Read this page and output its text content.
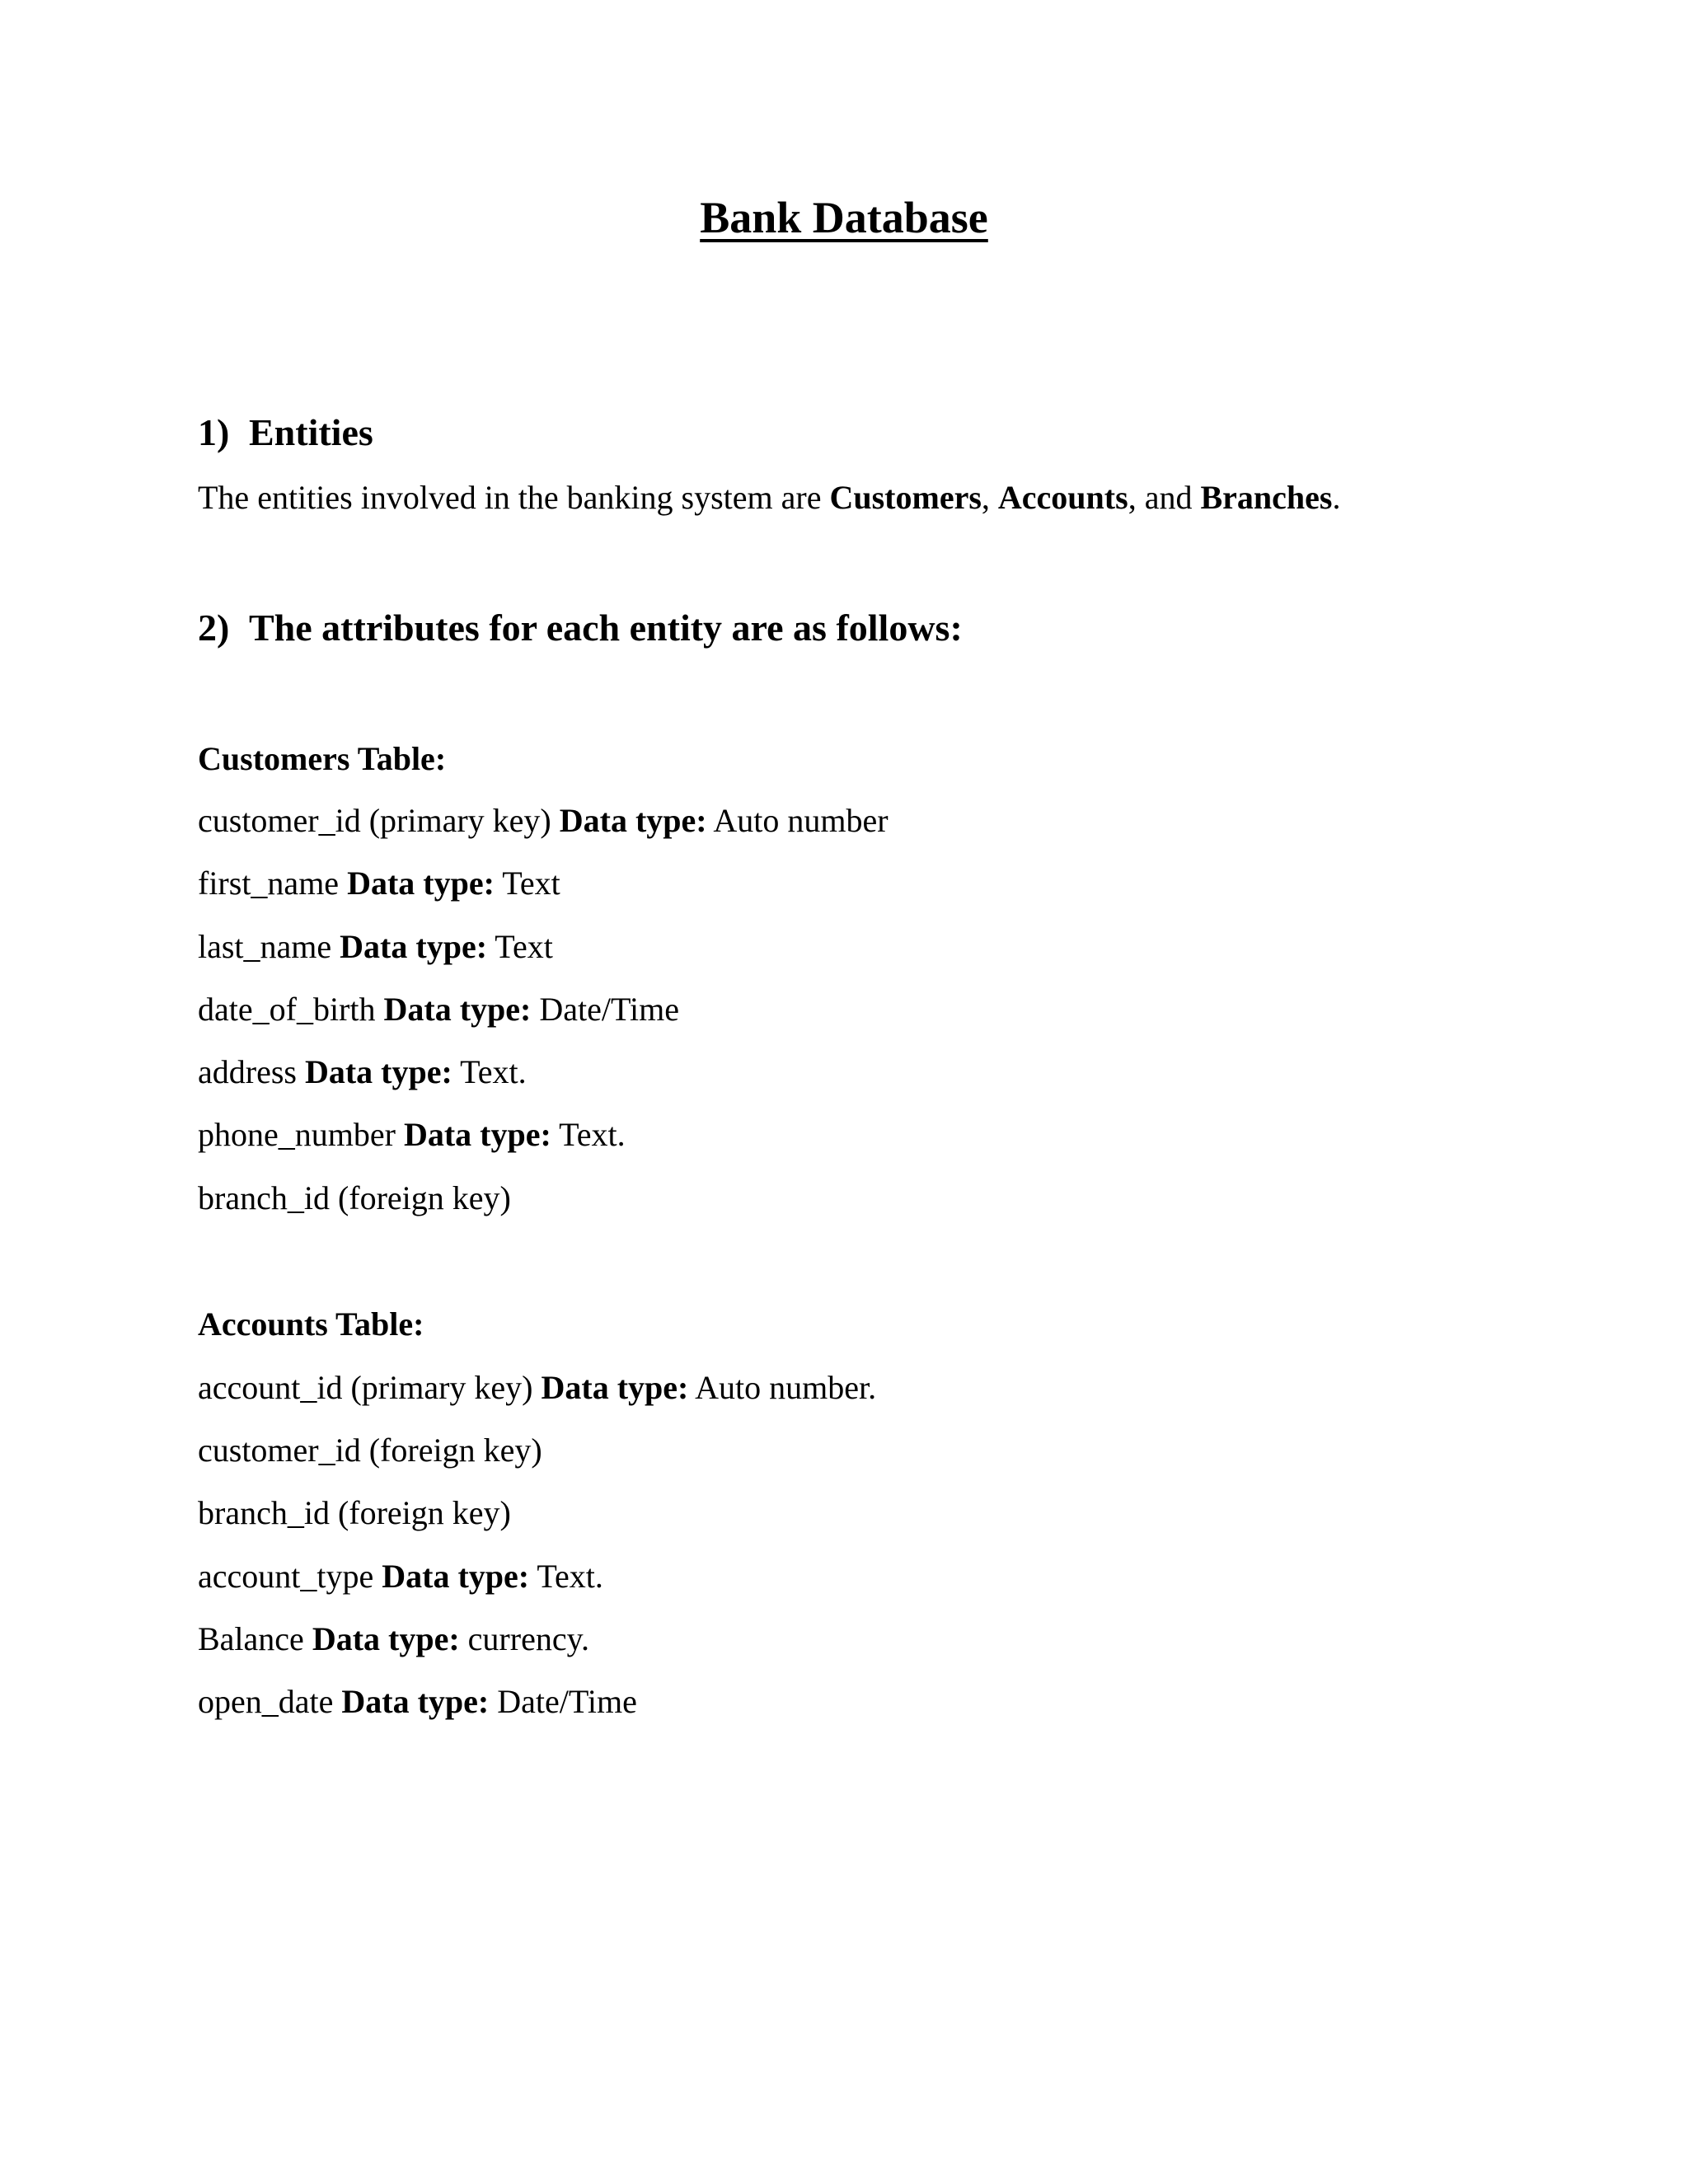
Bank Database
1) Entities
The entities involved in the banking system are Customers, Accounts, and Branches.
2) The attributes for each entity are as follows:
Customers Table:
customer_id (primary key) Data type: Auto number
first_name Data type: Text
last_name Data type: Text
date_of_birth Data type: Date/Time
address Data type: Text.
phone_number Data type: Text.
branch_id (foreign key)
Accounts Table:
account_id (primary key) Data type: Auto number.
customer_id (foreign key)
branch_id (foreign key)
account_type Data type: Text.
Balance Data type: currency.
open_date Data type: Date/Time
